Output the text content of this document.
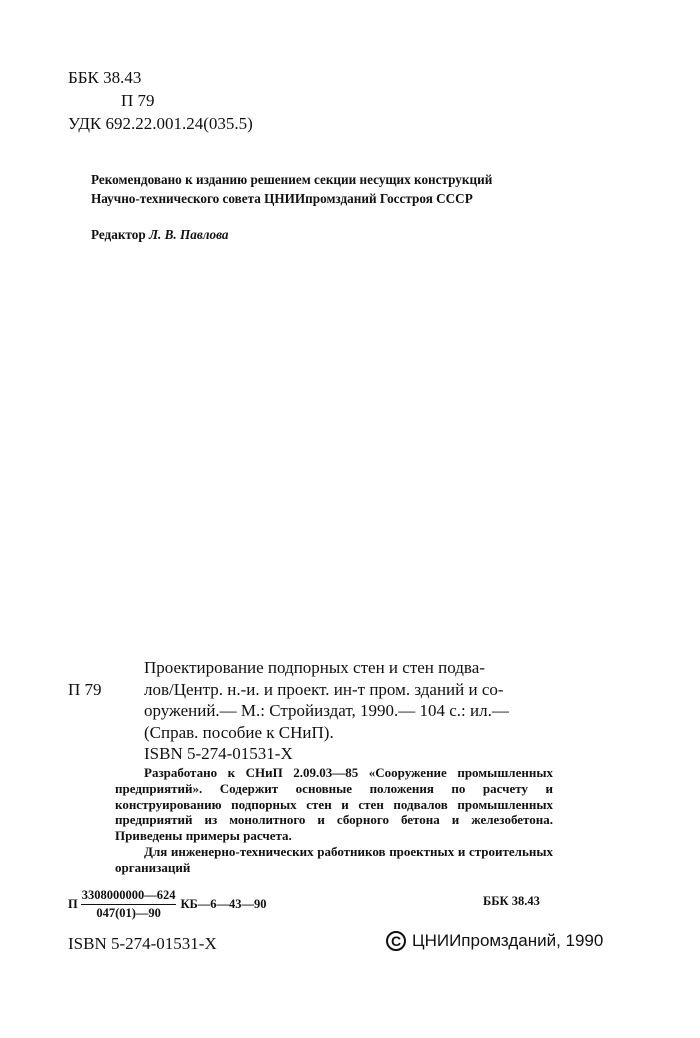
ББК 38.43
П 79
УДК 692.22.001.24(035.5)
Рекомендовано к изданию решением секции несущих конструкций
Научно-технического совета ЦНИИпромзданий Госстроя СССР
Редактор Л. В. Павлова
П 79
Проектирование подпорных стен и стен подва-
лов/Центр. н.-и. и проект. ин-т пром. зданий и со-
оружений.— М.: Стройиздат, 1990.— 104 с.: ил.—
(Справ. пособие к СНиП).
ISBN 5-274-01531-X

Разработано к СНиП 2.09.03—85 «Сооружение промышленных предприятий». Содержит основные положения по расчету и конструированию подпорных стен и стен подвалов промышленных предприятий из монолитного и сборного бетона и железобетона. Приведены примеры расчета.

Для инженерно-технических работников проектных и строительных организаций

П $\frac{3308000000—624}{047(01)—90}$ КБ—6—43—90	ББК 38.43
ISBN 5-274-01531-X	C ЦНИИпромзданий, 1990
